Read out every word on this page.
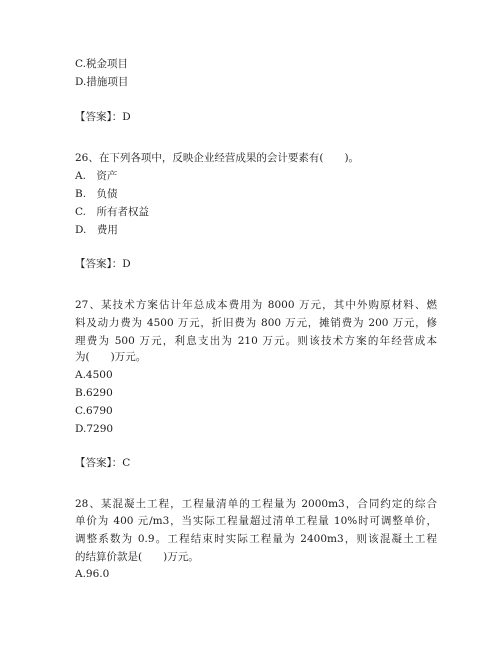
C.税金项目
D.措施项目
【答案】：D
26、在下列各项中，反映企业经营成果的会计要素有(　　)。
A.　资产
B.　负债
C.　所有者权益
D.　费用
【答案】：D
27、某技术方案估计年总成本费用为 8000 万元，其中外购原材料、燃
料及动力费为 4500 万元，折旧费为 800 万元，摊销费为 200 万元，修
理费为 500 万元，利息支出为 210 万元。则该技术方案的年经营成本
为(　　)万元。
A.4500
B.6290
C.6790
D.7290
【答案】：C
28、某混凝土工程，工程量清单的工程量为 2000m3，合同约定的综合
单价为 400 元/m3，当实际工程量超过清单工程量 10%时可调整单价，
调整系数为 0.9。工程结束时实际工程量为 2400m3，则该混凝土工程
的结算价款是(　　)万元。
A.96.0
